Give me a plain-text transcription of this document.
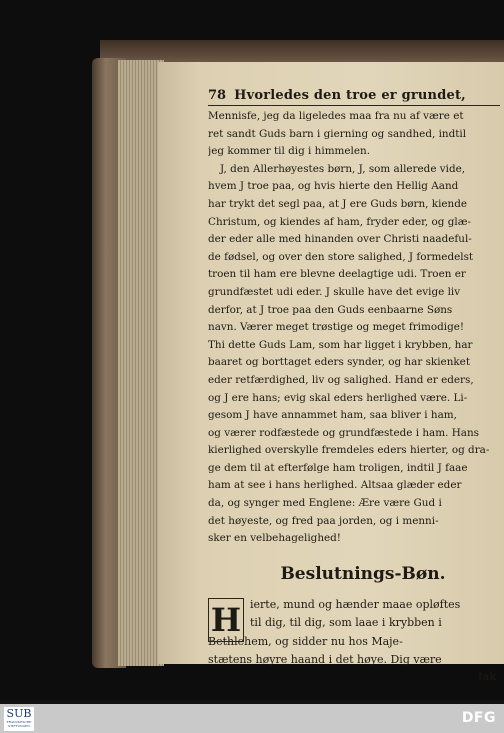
78 Hvorledes den troe er grundet,
Mennisfe, jeg da ligeledes maa fra nu af være et
ret sandt Guds barn i gierning og sandhed, indtil
jeg kommer til dig i himmelen.
J, den Allerhøyestes børn, J, som allerede vide,
hvem J troe paa, og hvis hierte den Hellig Aand
har trykt det segl paa, at J ere Guds børn, kiende
Christum, og kiendes af ham, fryder eder, og glæ-
der eder alle med hinanden over Christi naadeful-
de fødsel, og over den store salighed, J formedelst
troen til ham ere blevne deelagtige udi. Troen er
grundfæstet udi eder. J skulle have det evige liv
derfor, at J troe paa den Guds eenbaarne Søns
navn. Værer meget trøstige og meget frimodige!
Thi dette Guds Lam, som har ligget i krybben, har
baaret og borttaget eders synder, og har skienket
eder retfærdighed, liv og salighed. Hand er eders,
og J ere hans; evig skal eders herlighed være. Li-
gesom J have annammet ham, saa bliver i ham,
og værer rodfæstede og grundfæstede i ham. Hans
kierlighed overskylle fremdeles eders hierter, og dra-
ge dem til at efterfølge ham troligen, indtil J faae
ham at see i hans herlighed. Altsaa glæder eder
da, og synger med Englene: Ære være Gud i
det høyeste, og fred paa jorden, og i menni-
sker en velbehagelighed!
Beslutnings-Bøn.
H ierte, mund og hænder maae opløftes
til dig, til dig, som laae i krybben i
Bethlehem, og sidder nu hos Maje-
stætens høyre haand i det høye. Dig være
tak
SUB
FRANCKESCHE STIFTUNGEN	DFG
